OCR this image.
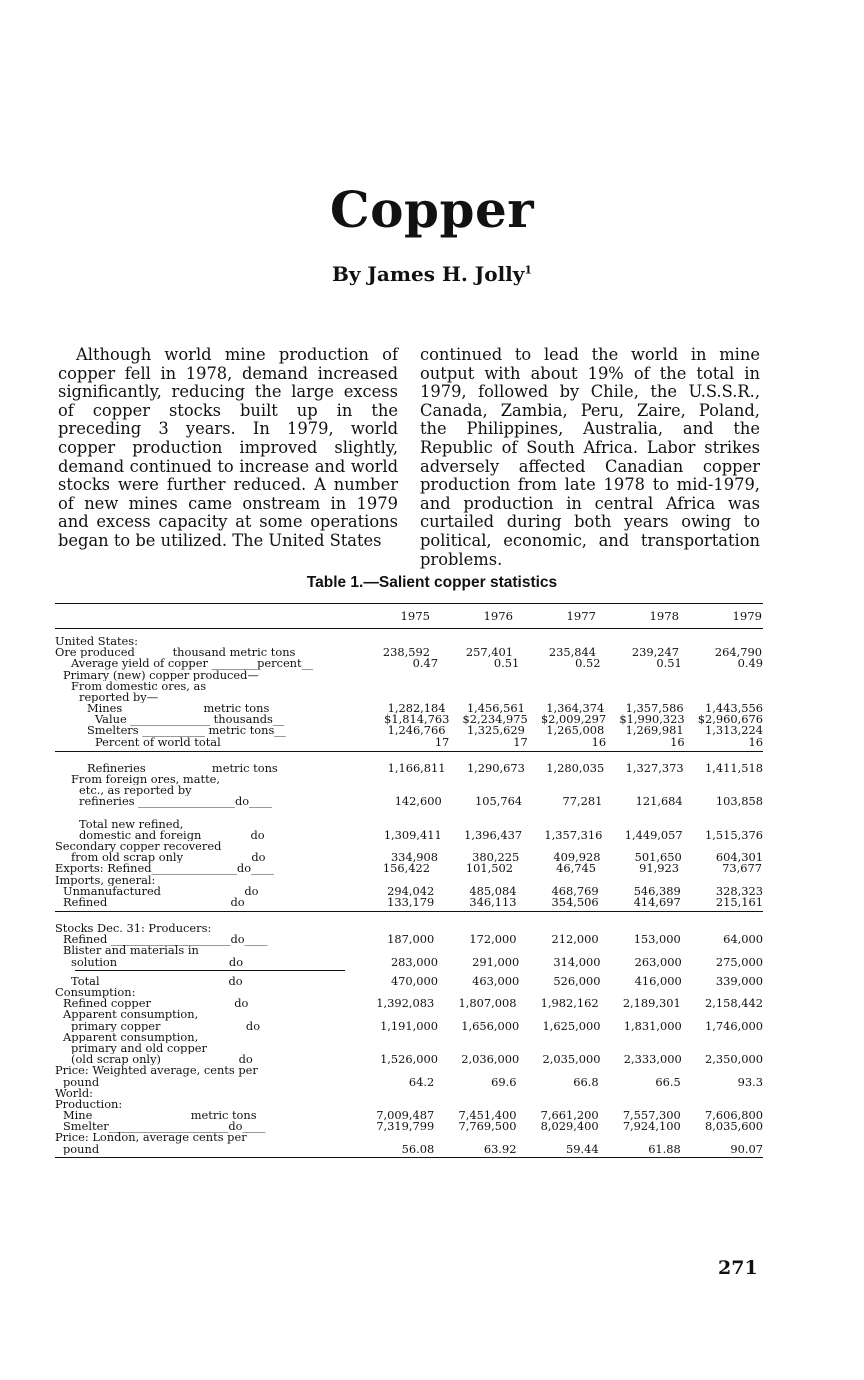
Copper
By James H. Jolly$^1$
Although world mine production of copper fell in 1978, demand increased significantly, reducing the large excess of copper stocks built up in the preceding 3 years. In 1979, world copper production improved slightly, demand continued to increase and world stocks were further reduced. A number of new mines came onstream in 1979 and excess capacity at some operations began to be utilized. The United States
continued to lead the world in mine output with about 19% of the total in 1979, followed by Chile, the U.S.S.R., Canada, Zambia, Peru, Zaire, Poland, the Philippines, Australia, and the Republic of South Africa. Labor strikes adversely affected Canadian copper production from late 1978 to mid-1979, and production in central Africa was curtailed during both years owing to political, economic, and transportation problems.
Table 1.—Salient copper statistics
1975	1976	1977	1978	1979
United States:
Ore produced______ thousand metric tons__	238,592	257,401	235,844	239,247	264,790
Average yield of copper ________percent__	0.47	0.51	0.52	0.51	0.49
Primary (new) copper produced—
From domestic ores, as
reported by—
Mines _____________ metric tons__	1,282,184	1,456,561	1,364,374	1,357,586	1,443,556
Value ______________ thousands__	$1,814,763	$2,234,975	$2,009,297	$1,990,323	$2,960,676
Smelters ___________ metric tons__	1,246,766	1,325,629	1,265,008	1,269,981	1,313,224
Percent of world total __________	17	17	16	16	16
Refineries___________ metric tons__	1,166,811	1,290,673	1,280,035	1,327,373	1,411,518
From foreign ores, matte,
etc., as reported by
refineries _________________do____	142,600	105,764	77,281	121,684	103,858
Total new refined,
domestic and foreign ________do____	1,309,411	1,396,437	1,357,316	1,449,057	1,515,376
Secondary copper recovered
from old scrap only____________do____	334,908	380,225	409,928	501,650	604,301
Exports: Refined_______________do____	156,422	101,502	46,745	91,923	73,677
Imports, general:
Unmanufactured ______________do____	294,042	485,084	468,769	546,389	328,323
Refined _____________________do____	133,179	346,113	354,506	414,697	215,161
Stocks Dec. 31: Producers:
Refined _____________________do____	187,000	172,000	212,000	153,000	64,000
Blister and materials in
solution ___________________do____	283,000	291,000	314,000	263,000	275,000
Total ______________________do____	470,000	463,000	526,000	416,000	339,000
Consumption:
Refined copper ______________do____	1,392,083	1,807,008	1,982,162	2,189,301	2,158,442
Apparent consumption,
primary copper_______________do____	1,191,000	1,656,000	1,625,000	1,831,000	1,746,000
Apparent consumption,
primary and old copper
(old scrap only) _____________do____	1,526,000	2,036,000	2,035,000	2,333,000	2,350,000
Price: Weighted average, cents per
pound ___________________________	64.2	69.6	66.8	66.5	93.3
World:
Production:
Mine ________________ metric tons__	7,009,487	7,451,400	7,661,200	7,557,300	7,606,800
Smelter_____________________do____	7,319,799	7,769,500	8,029,400	7,924,100	8,035,600
Price: London, average cents per
pound ___________________________	56.08	63.92	59.44	61.88	90.07
271
